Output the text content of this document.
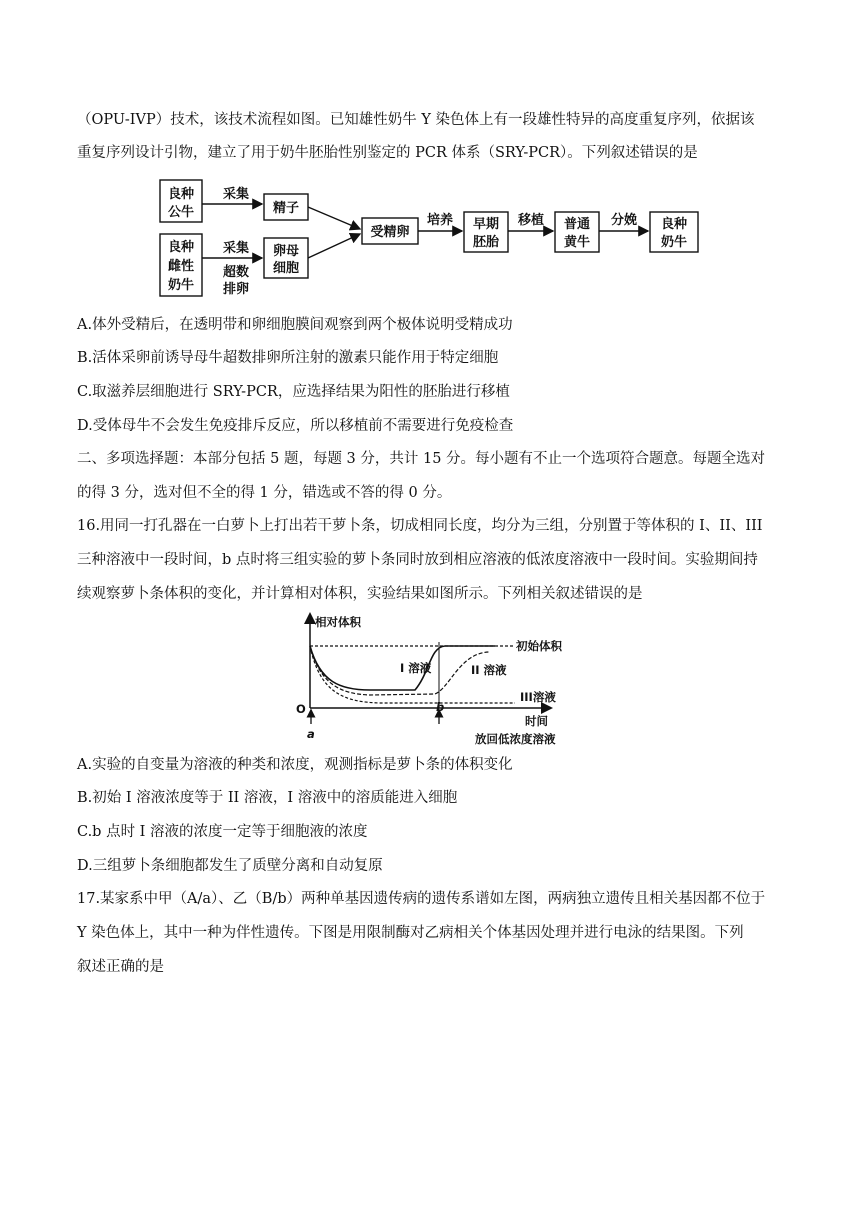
（OPU-IVP）技术，该技术流程如图。已知雄性奶牛 Y 染色体上有一段雄性特异的高度重复序列，依据该
重复序列设计引物，建立了用于奶牛胚胎性别鉴定的 PCR 体系（SRY-PCR）。下列叙述错误的是
良种
公牛
良种
雌性
奶牛
采集
采集
超数
排卵
精子
卵母
细胞
受精卵
培养 早期
胚胎
移植 普通
黄牛
分娩 良种
奶牛
A.体外受精后，在透明带和卵细胞膜间观察到两个极体说明受精成功
B.活体采卵前诱导母牛超数排卵所注射的激素只能作用于特定细胞
C.取滋养层细胞进行 SRY-PCR，应选择结果为阳性的胚胎进行移植
D.受体母牛不会发生免疫排斥反应，所以移植前不需要进行免疫检查
二、多项选择题：本部分包括 5 题，每题 3 分，共计 15 分。每小题有不止一个选项符合题意。每题全选对
的得 3 分，选对但不全的得 1 分，错选或不答的得 0 分。
16.用同一打孔器在一白萝卜上打出若干萝卜条，切成相同长度，均分为三组，分别置于等体积的 I、II、III
三种溶液中一段时间，b 点时将三组实验的萝卜条同时放到相应溶液的低浓度溶液中一段时间。实验期间持
续观察萝卜条体积的变化，并计算相对体积，实验结果如图所示。下列相关叙述错误的是
相对体积
初始体积
I 溶液	II 溶液
III溶液
O
时间
a
b
放回低浓度溶液
A.实验的自变量为溶液的种类和浓度，观测指标是萝卜条的体积变化
B.初始 I 溶液浓度等于 II 溶液，I 溶液中的溶质能进入细胞
C.b 点时 I 溶液的浓度一定等于细胞液的浓度
D.三组萝卜条细胞都发生了质壁分离和自动复原
17.某家系中甲（A/a）、乙（B/b）两种单基因遗传病的遗传系谱如左图，两病独立遗传且相关基因都不位于
Y 染色体上，其中一种为伴性遗传。下图是用限制酶对乙病相关个体基因处理并进行电泳的结果图。下列
叙述正确的是
